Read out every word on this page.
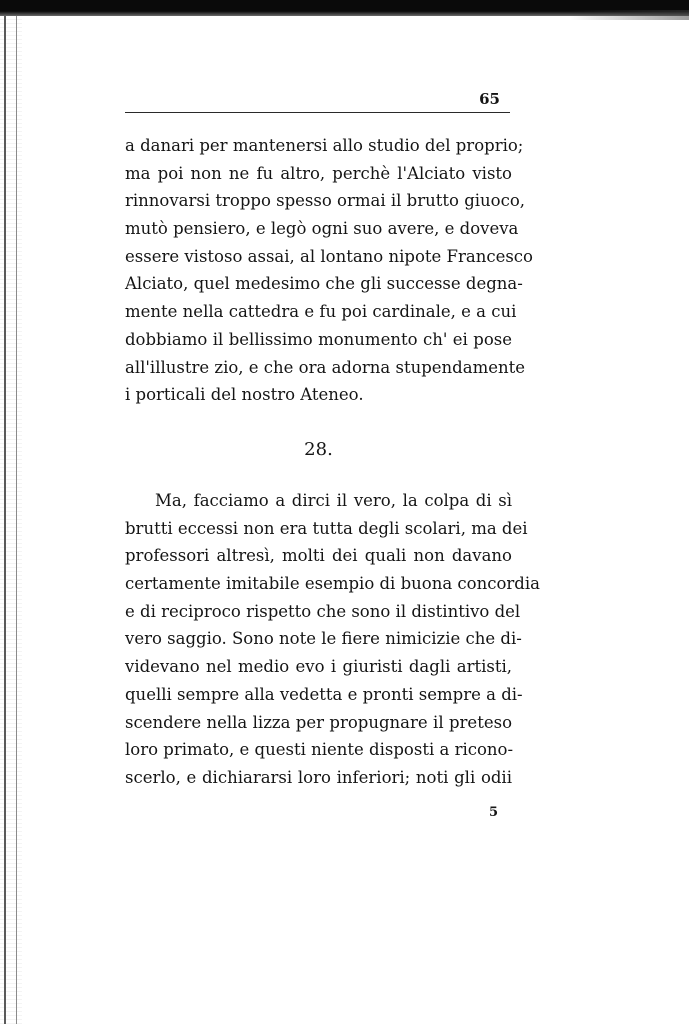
65
a danari per mantenersi allo studio del proprio;
ma poi non ne fu altro, perchè l'Alciato visto
rinnovarsi troppo spesso ormai il brutto giuoco,
mutò pensiero, e legò ogni suo avere, e doveva
essere vistoso assai, al lontano nipote Francesco
Alciato, quel medesimo che gli successe degna-
mente nella cattedra e fu poi cardinale, e a cui
dobbiamo il bellissimo monumento ch' ei pose
all'illustre zio, e che ora adorna stupendamente
i porticali del nostro Ateneo.
28.
Ma, facciamo a dirci il vero, la colpa di sì
brutti eccessi non era tutta degli scolari, ma dei
professori altresì, molti dei quali non davano
certamente imitabile esempio di buona concordia
e di reciproco rispetto che sono il distintivo del
vero saggio. Sono note le fiere nimicizie che di-
videvano nel medio evo i giuristi dagli artisti,
quelli sempre alla vedetta e pronti sempre a di-
scendere nella lizza per propugnare il preteso
loro primato, e questi niente disposti a ricono-
scerlo, e dichiararsi loro inferiori; noti gli odii
5
